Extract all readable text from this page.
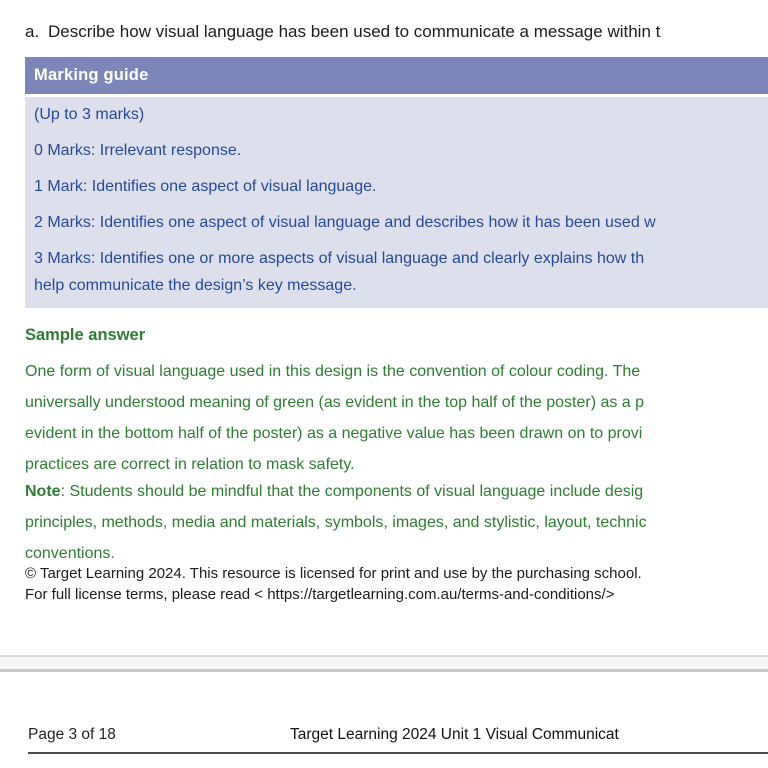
a. Describe how visual language has been used to communicate a message within t
Marking guide

(Up to 3 marks)

0 Marks: Irrelevant response.

1 Mark: Identifies one aspect of visual language.

2 Marks: Identifies one aspect of visual language and describes how it has been used w

3 Marks: Identifies one or more aspects of visual language and clearly explains how th
help communicate the design’s key message.

Sample answer
One form of visual language used in this design is the convention of colour coding. The
universally understood meaning of green (as evident in the top half of the poster) as a p
evident in the bottom half of the poster) as a negative value has been drawn on to provi
practices are correct in relation to mask safety.
Note: Students should be mindful that the components of visual language include desig
principles, methods, media and materials, symbols, images, and stylistic, layout, technic
conventions.
© Target Learning 2024. This resource is licensed for print and use by the purchasing school.
For full license terms, please read < https://targetlearning.com.au/terms-and-conditions/>
Page 3 of 18	Target Learning 2024 Unit 1 Visual Communicat
